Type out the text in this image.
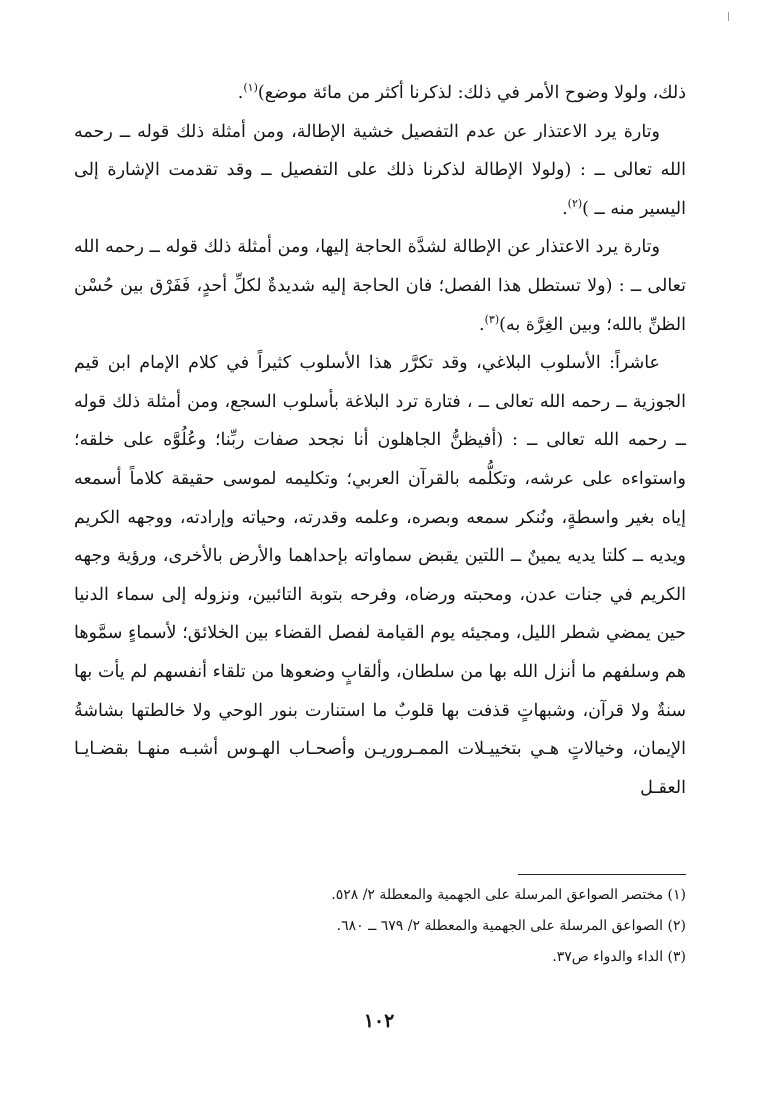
ذلك، ولولا وضوح الأمر في ذلك: لذكرنا أكثر من مائة موضع)$^{(١)}$.

وتارة يرد الاعتذار عن عدم التفصيل خشية الإطالة، ومن أمثلة ذلك قوله ــ رحمه الله تعالى ــ : (ولولا الإطالة لذكرنا ذلك على التفصيل ــ وقد تقدمت الإشارة إلى اليسير منه ــ )$^{(٢)}$.

وتارة يرد الاعتذار عن الإطالة لشدَّة الحاجة إليها، ومن أمثلة ذلك قوله ــ رحمه الله تعالى ــ : (ولا تستطل هذا الفصل؛ فان الحاجة إليه شديدةٌ لكلِّ أحدٍ، فَفَرْق بين حُسْن الظنِّ بالله؛ وبين الغِرَّة به)$^{(٣)}$.

عاشراً: الأسلوب البلاغي، وقد تكرَّر هذا الأسلوب كثيراً في كلام الإمام ابن قيم الجوزية ــ رحمه الله تعالى ــ ، فتارة ترد البلاغة بأسلوب السجع، ومن أمثلة ذلك قوله ــ رحمه الله تعالى ــ : (أفيظنُّ الجاهلون أنا نجحد صفات ربِّنا؛ وعُلُوَّه على خلقه؛ واستواءه على عرشه، وتكلُّمه بالقرآن العربي؛ وتكليمه لموسى حقيقة كلاماً أسمعه إياه بغير واسطةٍ، ونُنكر سمعه وبصره، وعلمه وقدرته، وحياته وإرادته، ووجهه الكريم ويديه ــ كلتا يديه يمينٌ ــ اللتين يقبض سماواته بإحداهما والأرض بالأخرى، ورؤية وجهه الكريم في جنات عدن، ومحبته ورضاه، وفرحه بتوبة التائبين، ونزوله إلى سماء الدنيا حين يمضي شطر الليل، ومجيئه يوم القيامة لفصل القضاء بين الخلائق؛ لأسماءٍ سمَّوها هم وسلفهم ما أنزل الله بها من سلطان، وألقابٍ وضعوها من تلقاء أنفسهم لم يأت بها سنةٌ ولا قرآن، وشبهاتٍ قذفت بها قلوبٌ ما استنارت بنور الوحي ولا خالطتها بشاشةُ الإيمان، وخيالاتٍ هـي بتخييـلات الممـروريـن وأصحـاب الهـوس أشبـه منهـا بقضـايـا العقـل

(١) مختصر الصواعق المرسلة على الجهمية والمعطلة ٢/ ٥٢٨.

(٢) الصواعق المرسلة على الجهمية والمعطلة ٢/ ٦٧٩ ــ ٦٨٠.

(٣) الداء والدواء ص٣٧.

١٠٢
